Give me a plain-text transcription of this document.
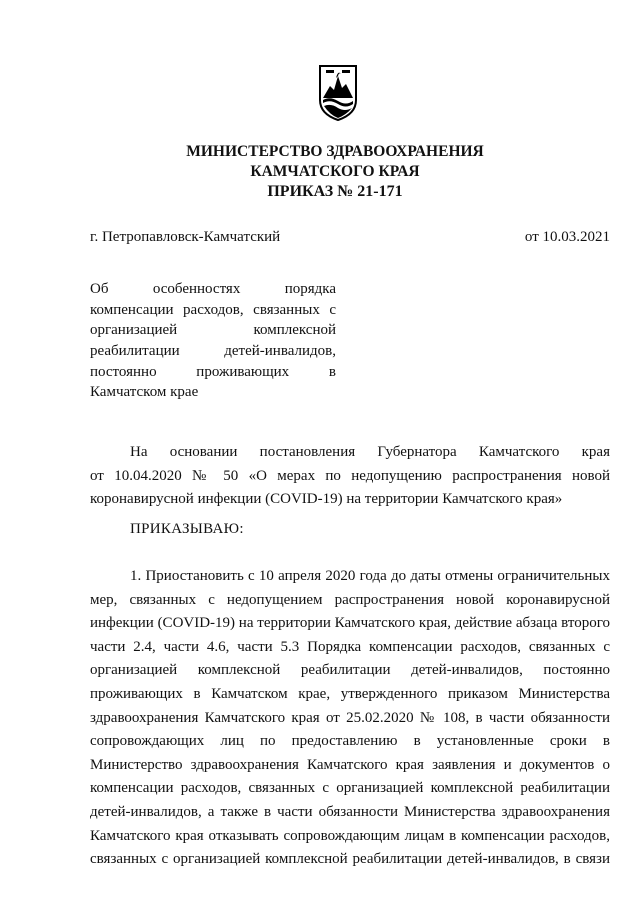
МИНИСТЕРСТВО ЗДРАВООХРАНЕНИЯ
КАМЧАТСКОГО КРАЯ
ПРИКАЗ № 21-171
г. Петропавловск-Камчатский	от 10.03.2021
Об особенностях порядка
компенсации расходов, связанных с
организацией комплексной
реабилитации детей-инвалидов,
постоянно проживающих в
Камчатском крае
На основании постановления Губернатора Камчатского края
от 10.04.2020 № 50 «О мерах по недопущению распространения новой
коронавирусной инфекции (COVID-19) на территории Камчатского края»
ПРИКАЗЫВАЮ:
1. Приостановить с 10 апреля 2020 года до даты отмены ограничительных
мер, связанных с недопущением распространения новой коронавирусной
инфекции (COVID-19) на территории Камчатского края, действие абзаца второго
части 2.4, части 4.6, части 5.3 Порядка компенсации расходов, связанных с
организацией комплексной реабилитации детей-инвалидов, постоянно
проживающих в Камчатском крае, утвержденного приказом Министерства
здравоохранения Камчатского края от 25.02.2020 № 108, в части обязанности
сопровождающих лиц по предоставлению в установленные сроки в
Министерство здравоохранения Камчатского края заявления и документов о
компенсации расходов, связанных с организацией комплексной реабилитации
детей-инвалидов, а также в части обязанности Министерства здравоохранения
Камчатского края отказывать сопровождающим лицам в компенсации расходов,
связанных с организацией комплексной реабилитации детей-инвалидов, в связи
